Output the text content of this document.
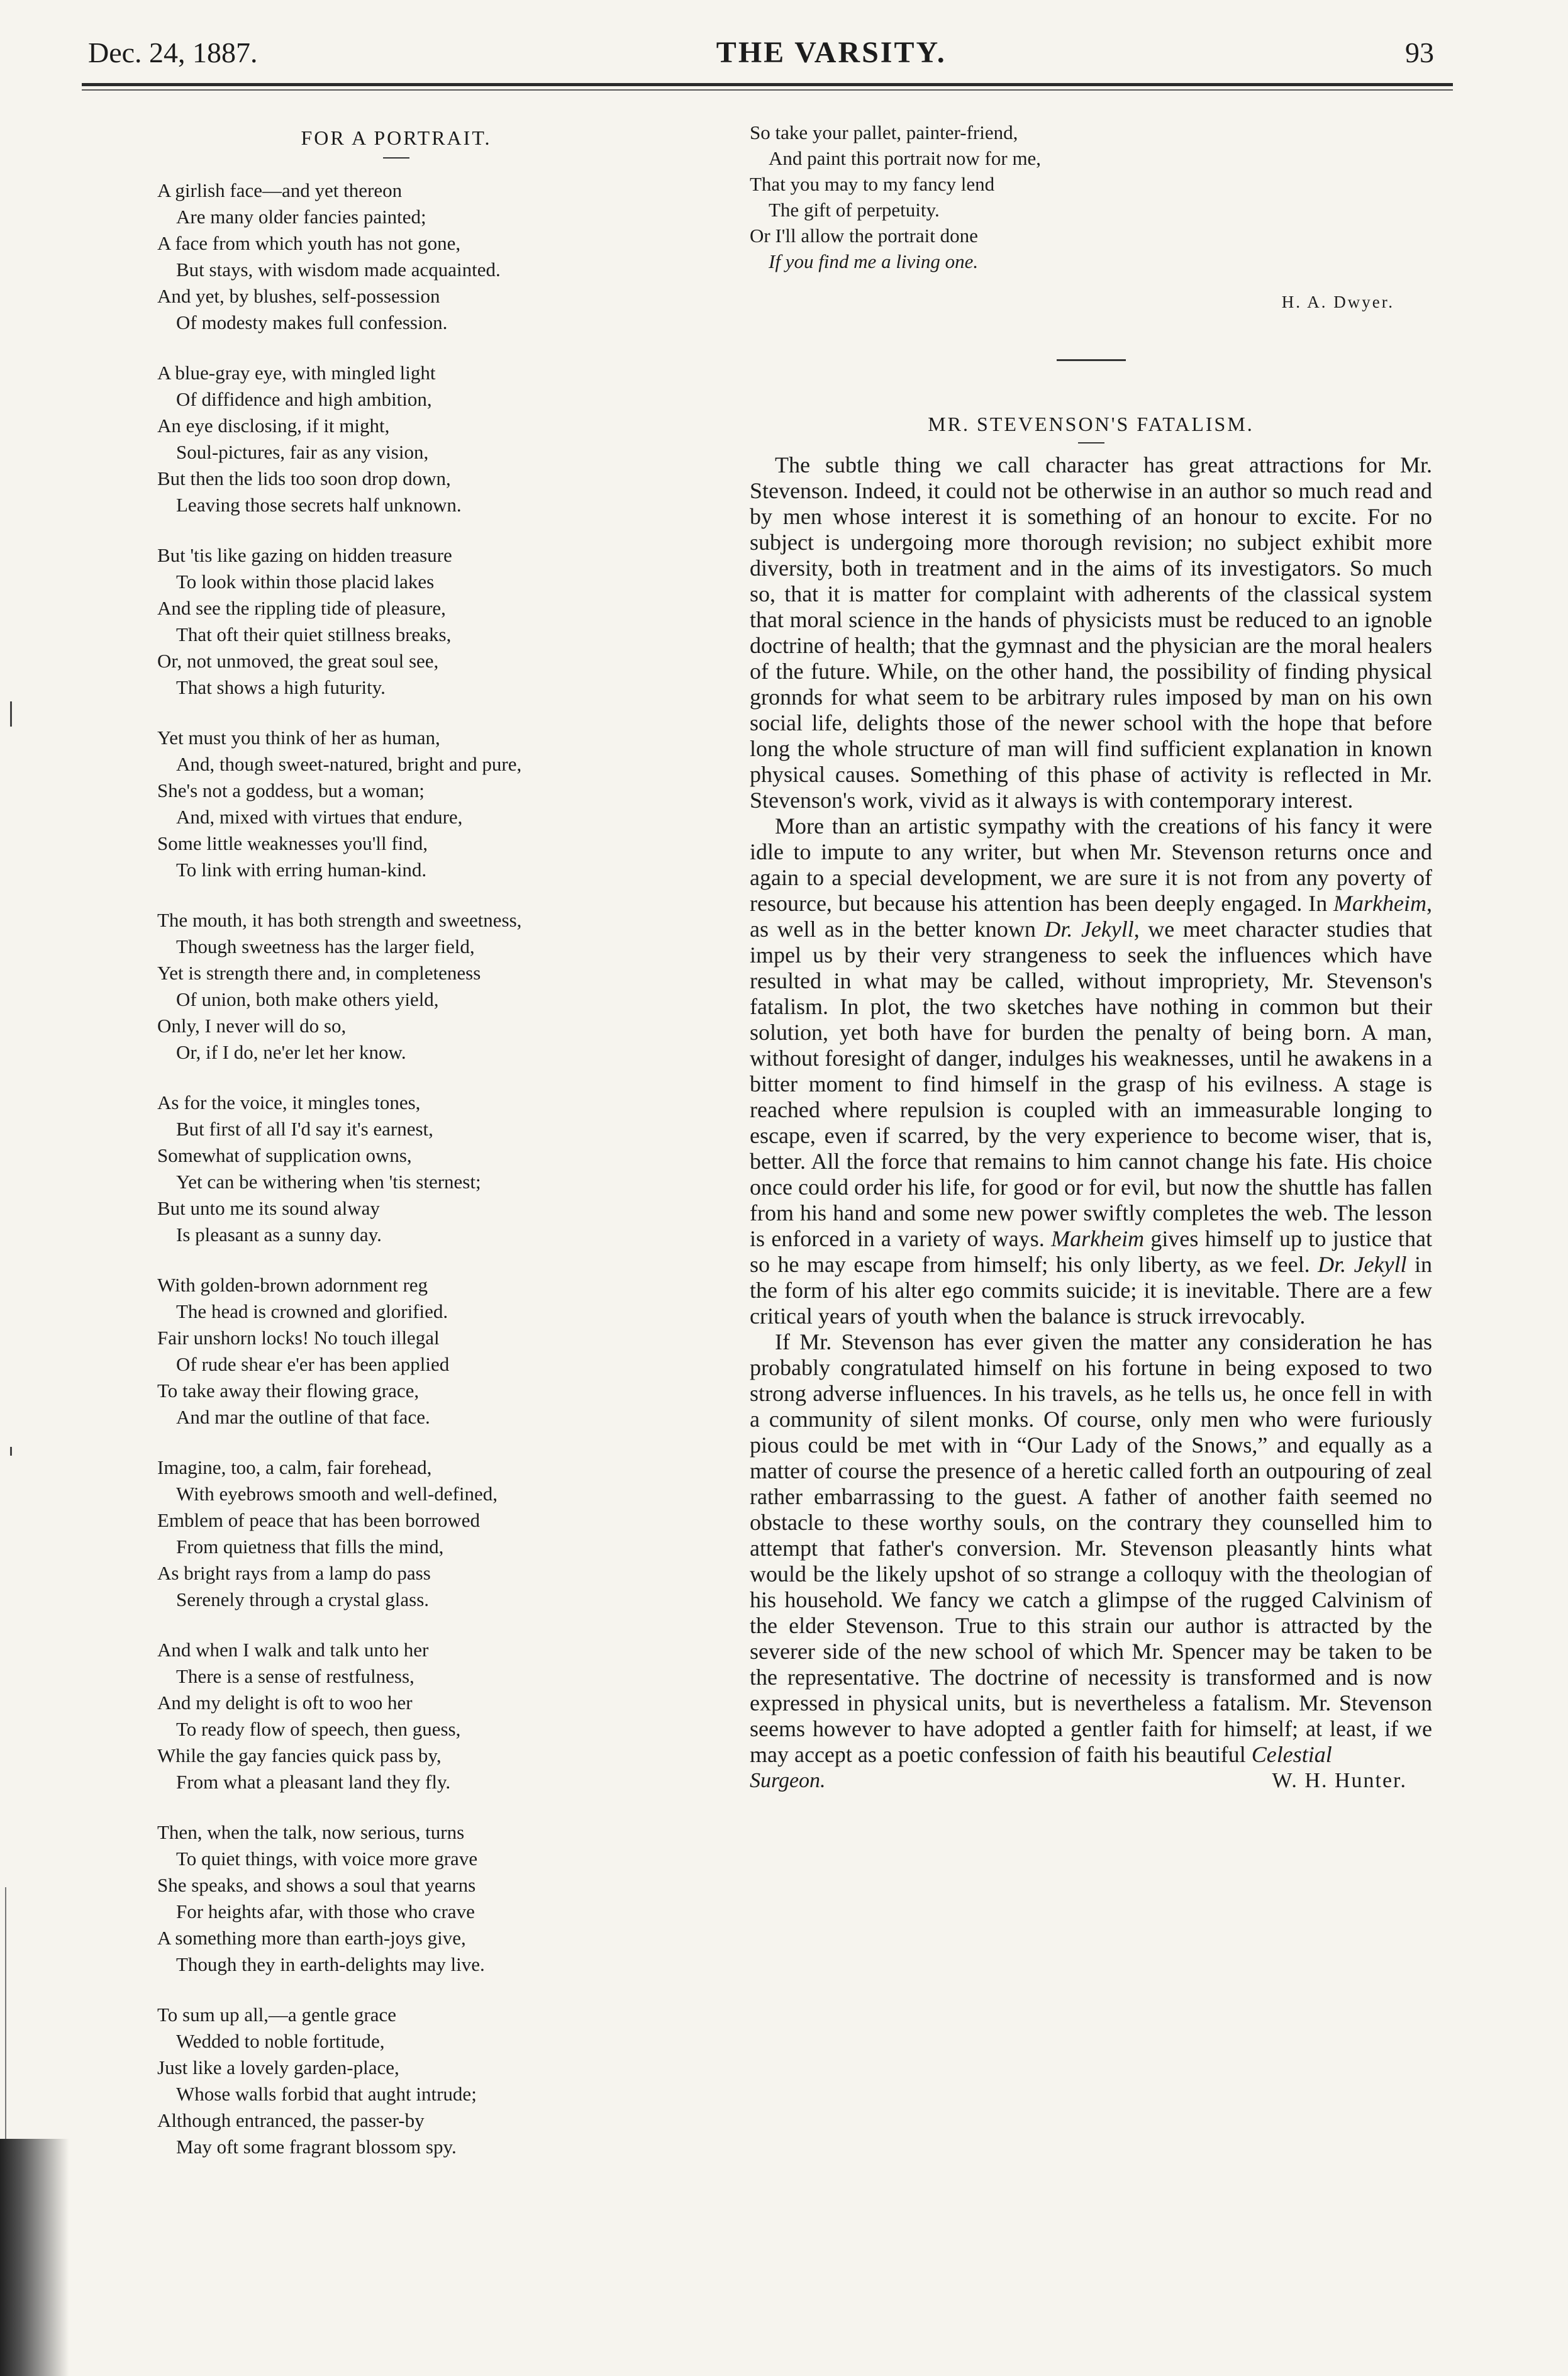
Dec. 24, 1887.	THE VARSITY.	93
FOR A PORTRAIT.
A girlish face—and yet thereon
Are many older fancies painted;
A face from which youth has not gone,
But stays, with wisdom made acquainted.
And yet, by blushes, self-possession
Of modesty makes full confession.
A blue-gray eye, with mingled light
Of diffidence and high ambition,
An eye disclosing, if it might,
Soul-pictures, fair as any vision,
But then the lids too soon drop down,
Leaving those secrets half unknown.
But 'tis like gazing on hidden treasure
To look within those placid lakes
And see the rippling tide of pleasure,
That oft their quiet stillness breaks,
Or, not unmoved, the great soul see,
That shows a high futurity.
Yet must you think of her as human,
And, though sweet-natured, bright and pure,
She's not a goddess, but a woman;
And, mixed with virtues that endure,
Some little weaknesses you'll find,
To link with erring human-kind.
The mouth, it has both strength and sweetness,
Though sweetness has the larger field,
Yet is strength there and, in completeness
Of union, both make others yield,
Only, I never will do so,
Or, if I do, ne'er let her know.
As for the voice, it mingles tones,
But first of all I'd say it's earnest,
Somewhat of supplication owns,
Yet can be withering when 'tis sternest;
But unto me its sound alway
Is pleasant as a sunny day.
With golden-brown adornment reg
The head is crowned and glorified.
Fair unshorn locks! No touch illegal
Of rude shear e'er has been applied
To take away their flowing grace,
And mar the outline of that face.
Imagine, too, a calm, fair forehead,
With eyebrows smooth and well-defined,
Emblem of peace that has been borrowed
From quietness that fills the mind,
As bright rays from a lamp do pass
Serenely through a crystal glass.
And when I walk and talk unto her
There is a sense of restfulness,
And my delight is oft to woo her
To ready flow of speech, then guess,
While the gay fancies quick pass by,
From what a pleasant land they fly.
Then, when the talk, now serious, turns
To quiet things, with voice more grave
She speaks, and shows a soul that yearns
For heights afar, with those who crave
A something more than earth-joys give,
Though they in earth-delights may live.
To sum up all,—a gentle grace
Wedded to noble fortitude,
Just like a lovely garden-place,
Whose walls forbid that aught intrude;
Although entranced, the passer-by
May oft some fragrant blossom spy.
So take your pallet, painter-friend,
And paint this portrait now for me,
That you may to my fancy lend
The gift of perpetuity.
Or I'll allow the portrait done
If you find me a living one.
H. A. Dwyer.
MR. STEVENSON'S FATALISM.

The subtle thing we call character has great attractions for Mr. Stevenson. Indeed, it could not be otherwise in an author so much read and by men whose interest it is something of an honour to excite. For no subject is undergoing more thorough revision; no subject exhibit more diversity, both in treatment and in the aims of its investigators. So much so, that it is matter for complaint with adherents of the classical system that moral science in the hands of physicists must be reduced to an ignoble doctrine of health; that the gymnast and the physician are the moral healers of the future. While, on the other hand, the possibility of finding physical gronnds for what seem to be arbitrary rules imposed by man on his own social life, delights those of the newer school with the hope that before long the whole structure of man will find sufficient explanation in known physical causes. Something of this phase of activity is reflected in Mr. Stevenson's work, vivid as it always is with contemporary interest.

More than an artistic sympathy with the creations of his fancy it were idle to impute to any writer, but when Mr. Stevenson returns once and again to a special development, we are sure it is not from any poverty of resource, but because his attention has been deeply engaged. In Markheim, as well as in the better known Dr. Jekyll, we meet character studies that impel us by their very strangeness to seek the influences which have resulted in what may be called, without impropriety, Mr. Stevenson's fatalism. In plot, the two sketches have nothing in common but their solution, yet both have for burden the penalty of being born. A man, without foresight of danger, indulges his weaknesses, until he awakens in a bitter moment to find himself in the grasp of his evilness. A stage is reached where repulsion is coupled with an immeasurable longing to escape, even if scarred, by the very experience to become wiser, that is, better. All the force that remains to him cannot change his fate. His choice once could order his life, for good or for evil, but now the shuttle has fallen from his hand and some new power swiftly completes the web. The lesson is enforced in a variety of ways. Markheim gives himself up to justice that so he may escape from himself; his only liberty, as we feel. Dr. Jekyll in the form of his alter ego commits suicide; it is inevitable. There are a few critical years of youth when the balance is struck irrevocably.

If Mr. Stevenson has ever given the matter any consideration he has probably congratulated himself on his fortune in being exposed to two strong adverse influences. In his travels, as he tells us, he once fell in with a community of silent monks. Of course, only men who were furiously pious could be met with in “Our Lady of the Snows,” and equally as a matter of course the presence of a heretic called forth an outpouring of zeal rather embarrassing to the guest. A father of another faith seemed no obstacle to these worthy souls, on the contrary they counselled him to attempt that father's conversion. Mr. Stevenson pleasantly hints what would be the likely upshot of so strange a colloquy with the theologian of his household. We fancy we catch a glimpse of the rugged Calvinism of the elder Stevenson. True to this strain our author is attracted by the severer side of the new school of which Mr. Spencer may be taken to be the representative. The doctrine of necessity is transformed and is now expressed in physical units, but is nevertheless a fatalism. Mr. Stevenson seems however to have adopted a gentler faith for himself; at least, if we may accept as a poetic confession of faith his beautiful Celestial

Surgeon.	W. H. Hunter.
